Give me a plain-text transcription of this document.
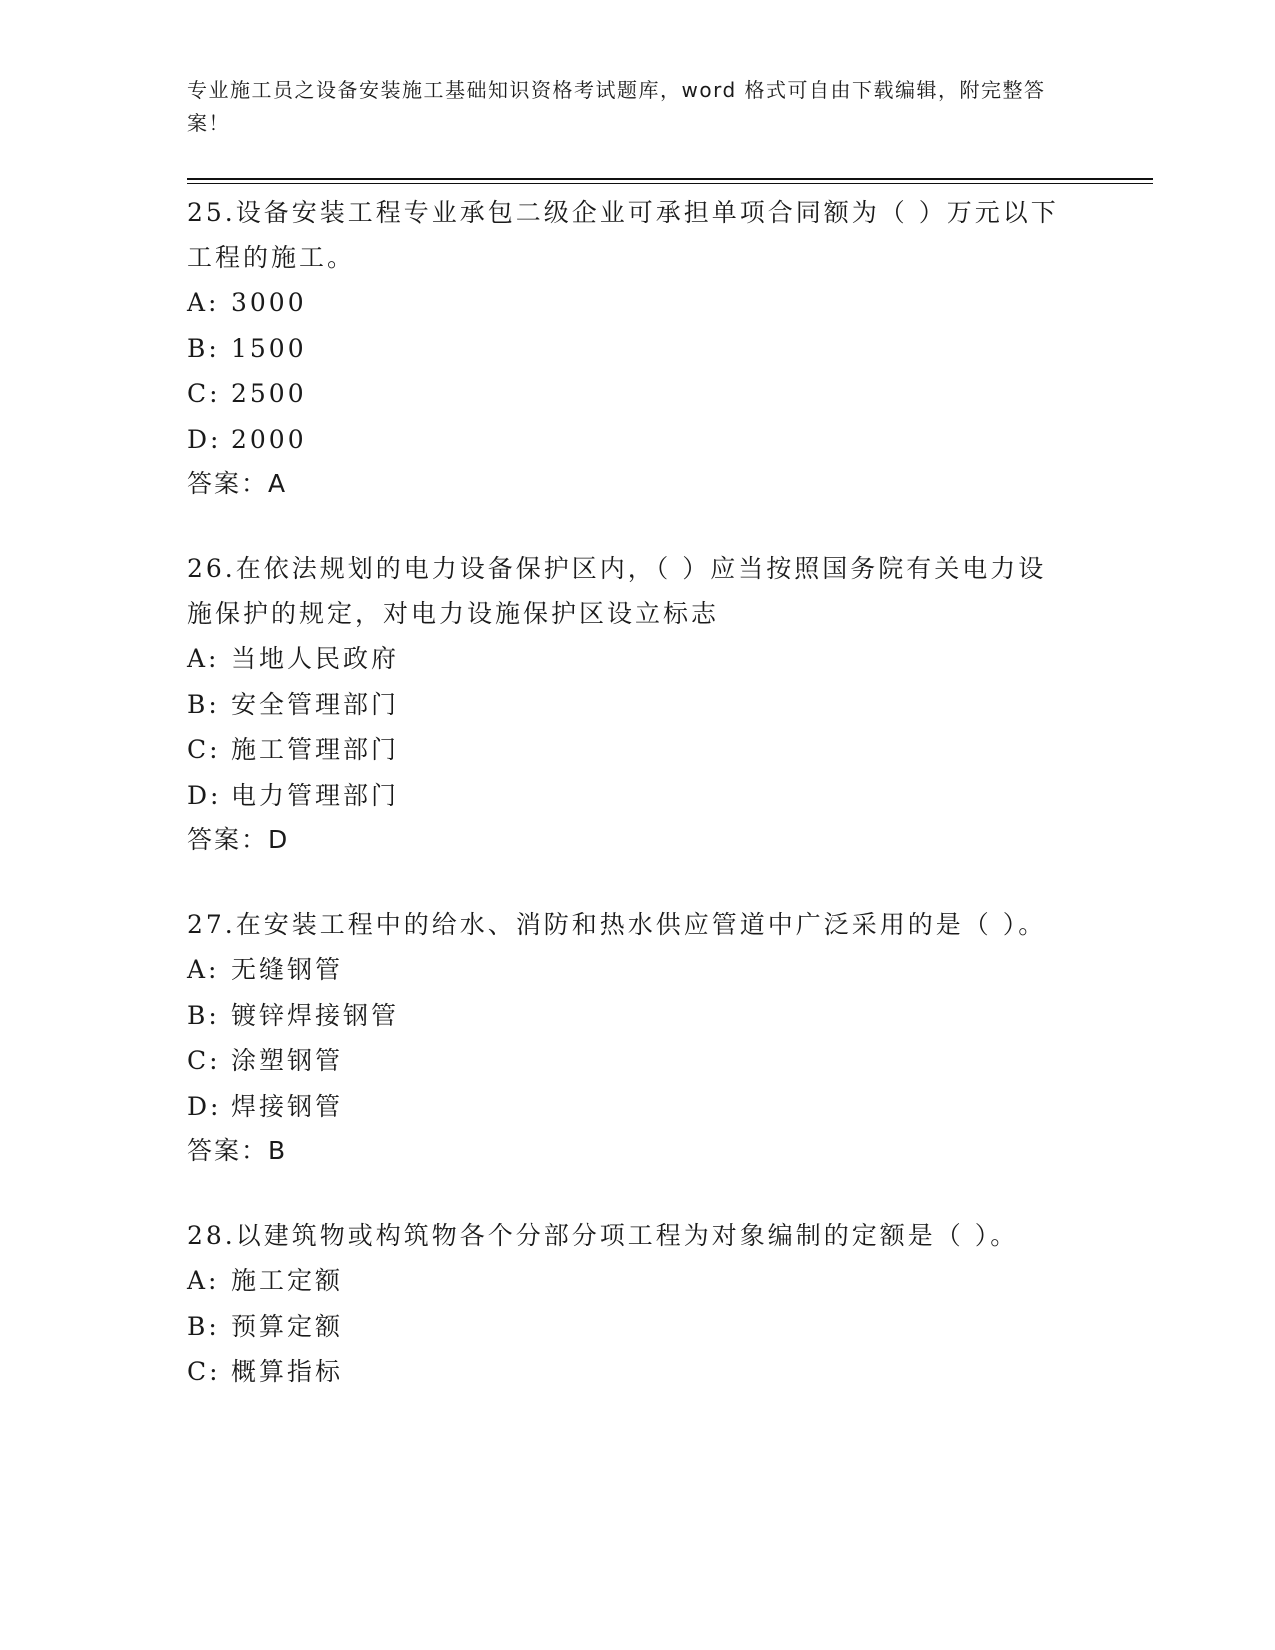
专业施工员之设备安装施工基础知识资格考试题库，word 格式可自由下载编辑，附完整答案！

25.设备安装工程专业承包二级企业可承担单项合同额为（ ）万元以下工程的施工。

A: 3000
B: 1500
C: 2500
D: 2000
答案：A

26.在依法规划的电力设备保护区内，（ ）应当按照国务院有关电力设施保护的规定，对电力设施保护区设立标志

A: 当地人民政府
B: 安全管理部门
C: 施工管理部门
D: 电力管理部门
答案：D

27.在安装工程中的给水、消防和热水供应管道中广泛采用的是（ ）。

A: 无缝钢管
B: 镀锌焊接钢管
C: 涂塑钢管
D: 焊接钢管
答案：B

28.以建筑物或构筑物各个分部分项工程为对象编制的定额是（ ）。

A: 施工定额
B: 预算定额
C: 概算指标
